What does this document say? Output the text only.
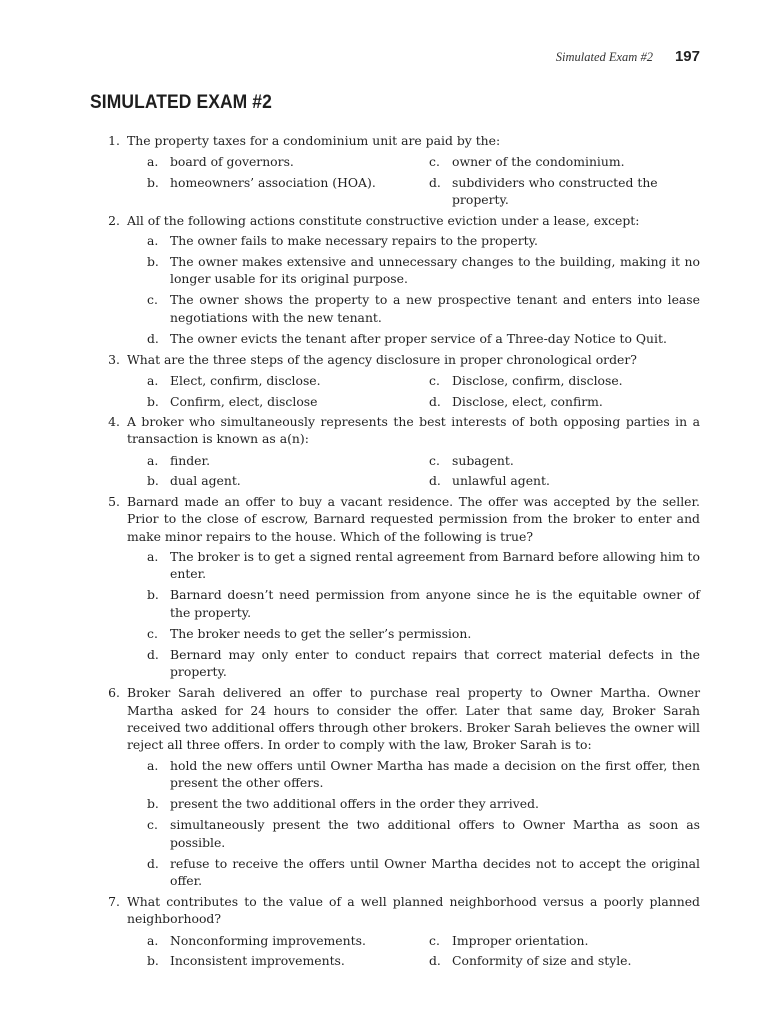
Simulated Exam #2 197
SIMULATED EXAM #2
1. The property taxes for a condominium unit are paid by the:
a. board of governors.	c. owner of the condominium.
b. homeowners’ association (HOA).	d. subdividers who constructed the property.
2. All of the following actions constitute constructive eviction under a lease, except:
a. The owner fails to make necessary repairs to the property.
b. The owner makes extensive and unnecessary changes to the building, making it no longer usable for its original purpose.
c. The owner shows the property to a new prospective tenant and enters into lease negotiations with the new tenant.
d. The owner evicts the tenant after proper service of a Three-day Notice to Quit.
3. What are the three steps of the agency disclosure in proper chronological order?
a. Elect, confirm, disclose.	c. Disclose, confirm, disclose.
b. Confirm, elect, disclose	d. Disclose, elect, confirm.
4. A broker who simultaneously represents the best interests of both opposing parties in a transaction is known as a(n):
a. finder.	c. subagent.
b. dual agent.	d. unlawful agent.
5. Barnard made an offer to buy a vacant residence. The offer was accepted by the seller. Prior to the close of escrow, Barnard requested permission from the broker to enter and make minor repairs to the house. Which of the following is true?
a. The broker is to get a signed rental agreement from Barnard before allowing him to enter.
b. Barnard doesn’t need permission from anyone since he is the equitable owner of the property.
c. The broker needs to get the seller’s permission.
d. Bernard may only enter to conduct repairs that correct material defects in the property.
6. Broker Sarah delivered an offer to purchase real property to Owner Martha. Owner Martha asked for 24 hours to consider the offer. Later that same day, Broker Sarah received two additional offers through other brokers. Broker Sarah believes the owner will reject all three offers. In order to comply with the law, Broker Sarah is to:
a. hold the new offers until Owner Martha has made a decision on the first offer, then present the other offers.
b. present the two additional offers in the order they arrived.
c. simultaneously present the two additional offers to Owner Martha as soon as possible.
d. refuse to receive the offers until Owner Martha decides not to accept the original offer.
7. What contributes to the value of a well planned neighborhood versus a poorly planned neighborhood?
a. Nonconforming improvements.	c. Improper orientation.
b. Inconsistent improvements.	d. Conformity of size and style.
